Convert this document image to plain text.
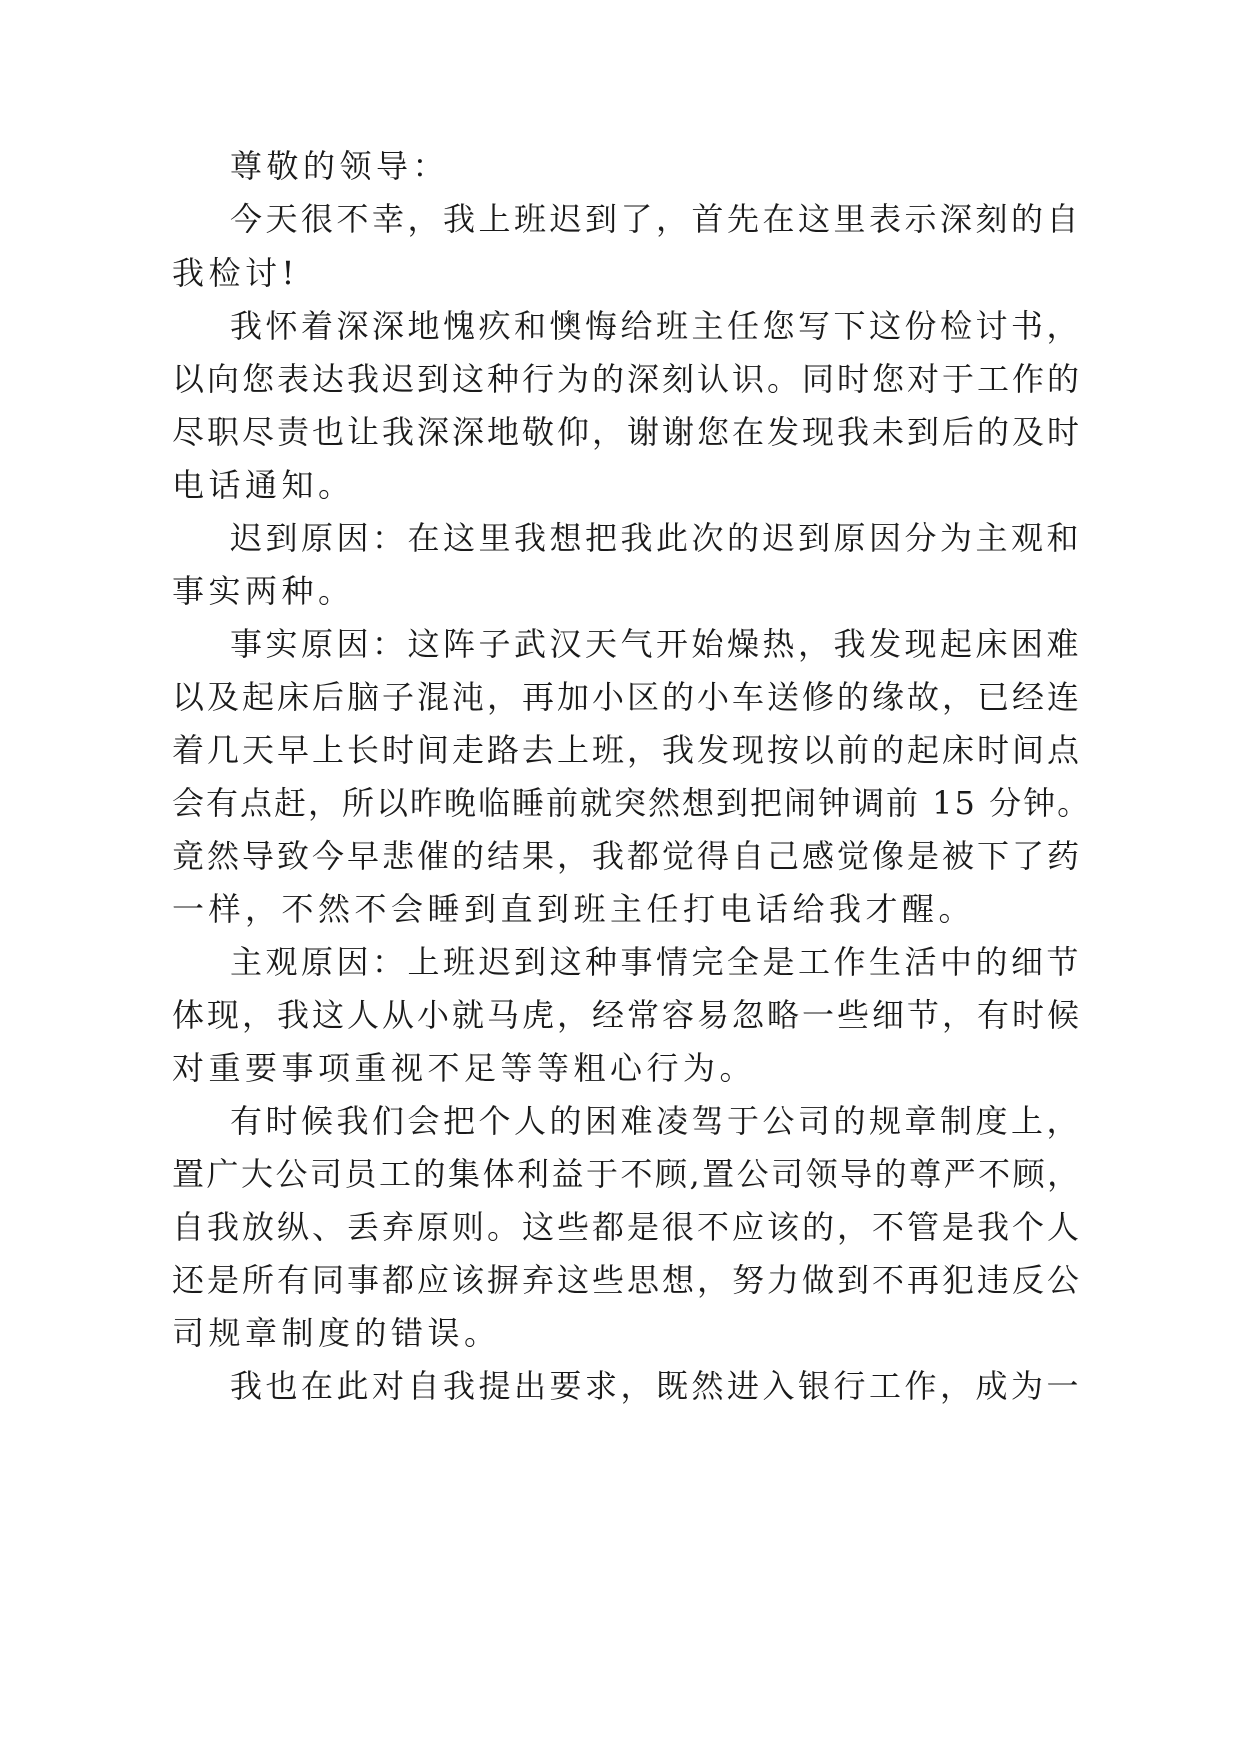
尊敬的领导：

今天很不幸，我上班迟到了，首先在这里表示深刻的自

我检讨!

我怀着深深地愧疚和懊悔给班主任您写下这份检讨书，

以向您表达我迟到这种行为的深刻认识。同时您对于工作的

尽职尽责也让我深深地敬仰，谢谢您在发现我未到后的及时

电话通知。

迟到原因：在这里我想把我此次的迟到原因分为主观和

事实两种。

事实原因：这阵子武汉天气开始燥热，我发现起床困难

以及起床后脑子混沌，再加小区的小车送修的缘故，已经连

着几天早上长时间走路去上班，我发现按以前的起床时间点

会有点赶，所以昨晚临睡前就突然想到把闹钟调前 15 分钟。

竟然导致今早悲催的结果，我都觉得自己感觉像是被下了药

一样，不然不会睡到直到班主任打电话给我才醒。

主观原因：上班迟到这种事情完全是工作生活中的细节

体现，我这人从小就马虎，经常容易忽略一些细节，有时候

对重要事项重视不足等等粗心行为。

有时候我们会把个人的困难凌驾于公司的规章制度上，

置广大公司员工的集体利益于不顾,置公司领导的尊严不顾，

自我放纵、丢弃原则。这些都是很不应该的，不管是我个人

还是所有同事都应该摒弃这些思想，努力做到不再犯违反公

司规章制度的错误。

我也在此对自我提出要求，既然进入银行工作，成为一
